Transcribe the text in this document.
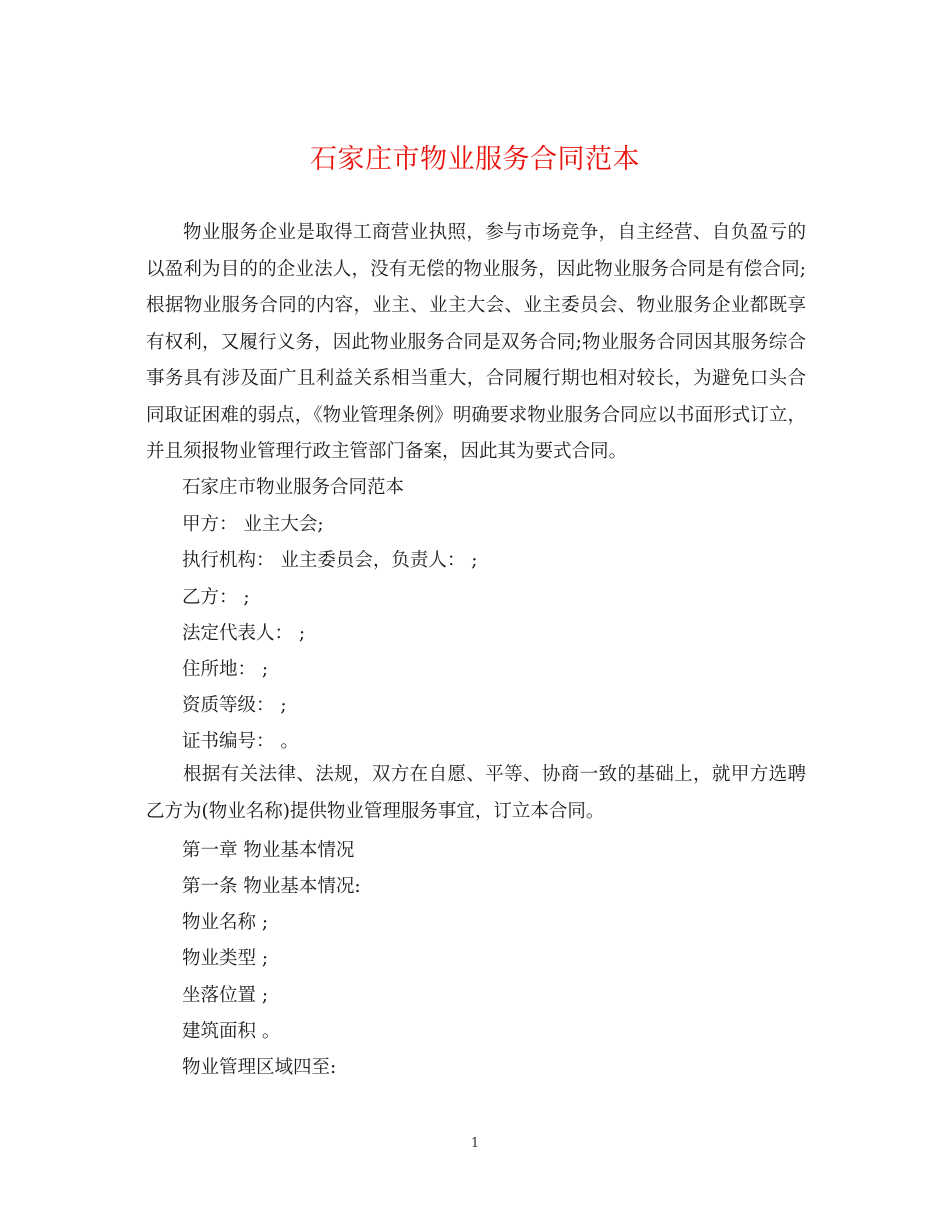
石家庄市物业服务合同范本

物业服务企业是取得工商营业执照，参与市场竞争，自主经营、自负盈亏的以盈利为目的的企业法人，没有无偿的物业服务，因此物业服务合同是有偿合同;根据物业服务合同的内容，业主、业主大会、业主委员会、物业服务企业都既享有权利，又履行义务，因此物业服务合同是双务合同;物业服务合同因其服务综合事务具有涉及面广且利益关系相当重大，合同履行期也相对较长，为避免口头合同取证困难的弱点，《物业管理条例》明确要求物业服务合同应以书面形式订立，并且须报物业管理行政主管部门备案，因此其为要式合同。

石家庄市物业服务合同范本
甲方： 业主大会;
执行机构： 业主委员会，负责人： ;
乙方： ;
法定代表人： ;
住所地： ;
资质等级： ;
证书编号： 。

根据有关法律、法规，双方在自愿、平等、协商一致的基础上，就甲方选聘乙方为(物业名称)提供物业管理服务事宜，订立本合同。

第一章 物业基本情况
第一条 物业基本情况:
物业名称 ;
物业类型 ;
坐落位置 ;
建筑面积 。
物业管理区域四至:
1
